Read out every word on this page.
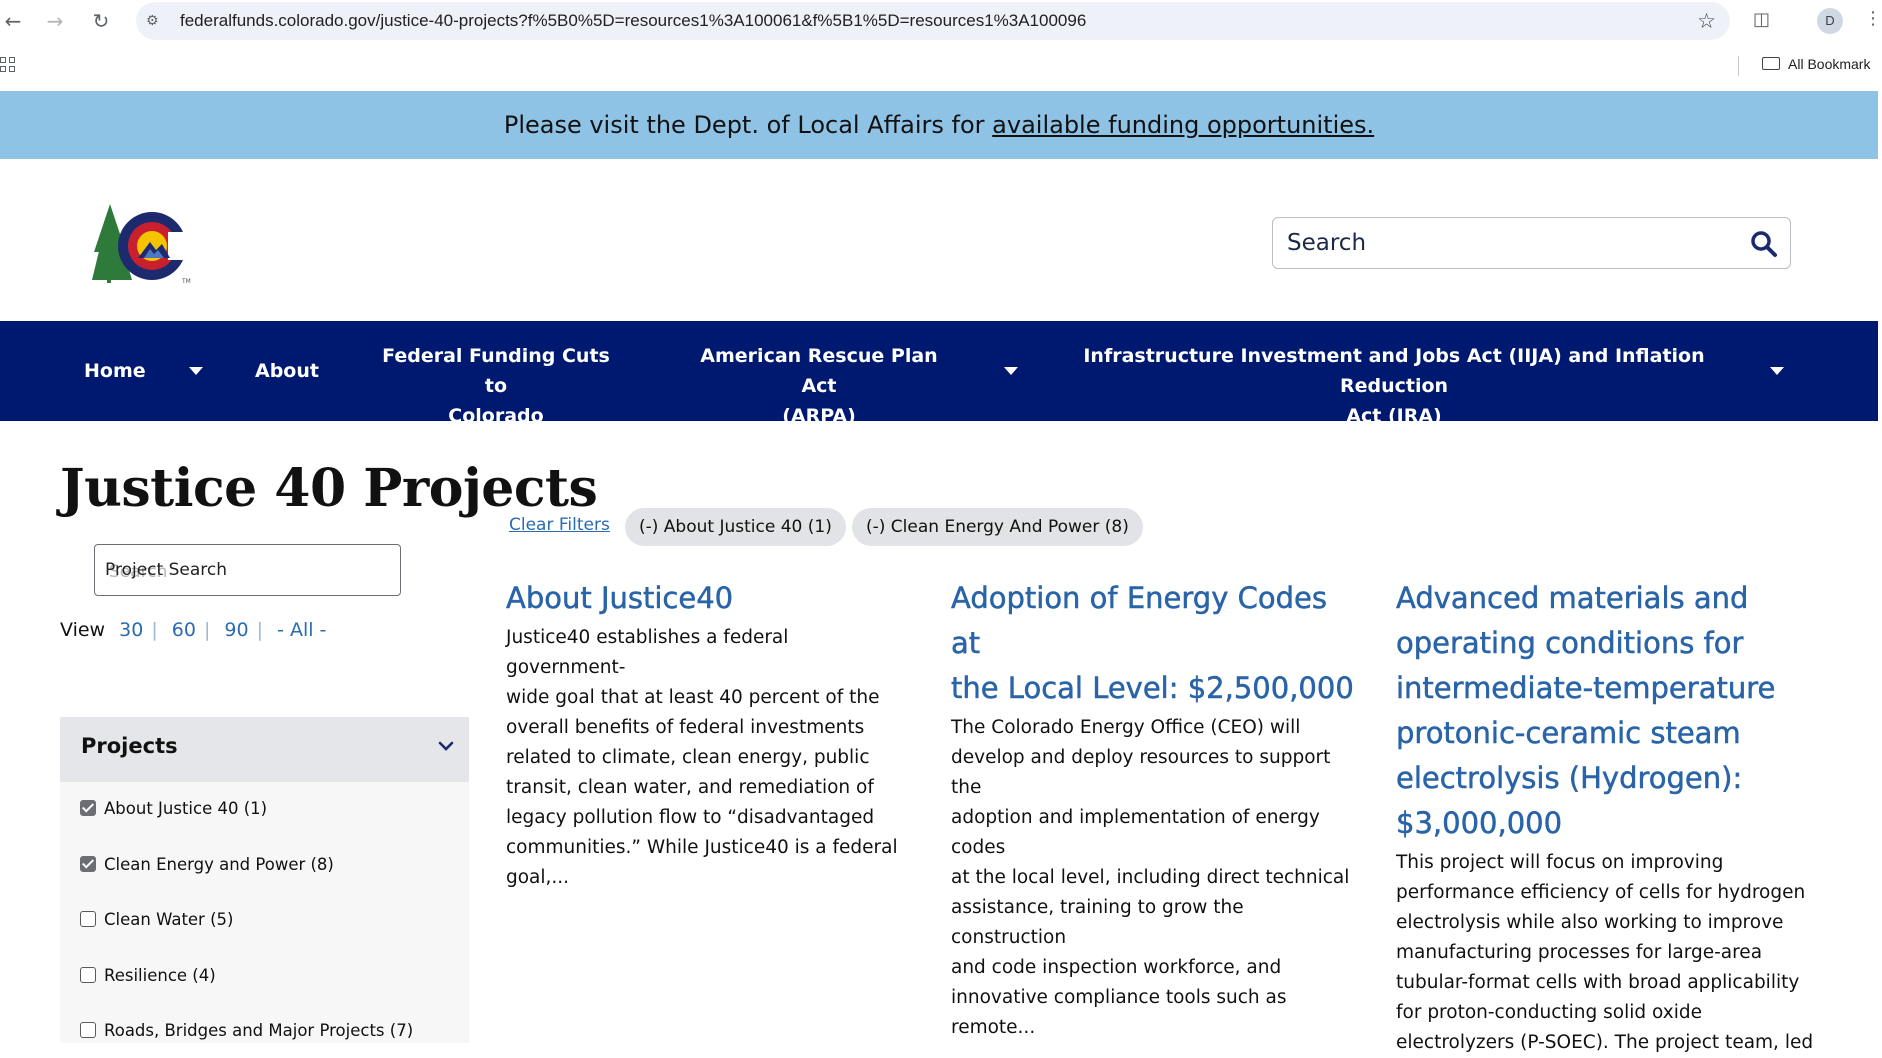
← → ↻	⚙	federalfunds.colorado.gov/justice-40-projects?f%5B0%5D=resources1%3A100061&f%5B1%5D=resources1%3A100096	☆ ◫	D	⋮
All Bookmark

Please visit the Dept. of Local Affairs for available funding opportunities.

TM
Search
Home	About
Federal Funding Cuts to
Colorado
American Rescue Plan Act
(ARPA)
Infrastructure Investment and Jobs Act (IIJA) and Inflation Reduction
Act (IRA)
Justice 40 Projects
Search
Project Search
View 30 | 60 | 90 | - All -
Projects
About Justice 40 (1)
Clean Energy and Power (8)
Clean Water (5)
Resilience (4)
Roads, Bridges and Major Projects (7)
Clear Filters	(-) About Justice 40 (1)	(-) Clean Energy And Power (8)
About Justice40

Justice40 establishes a federal government-
wide goal that at least 40 percent of the
overall benefits of federal investments
related to climate, clean energy, public
transit, clean water, and remediation of
legacy pollution flow to “disadvantaged
communities.” While Justice40 is a federal
goal,...

Adoption of Energy Codes at
the Local Level: $2,500,000

The Colorado Energy Office (CEO) will
develop and deploy resources to support the
adoption and implementation of energy codes
at the local level, including direct technical
assistance, training to grow the construction
and code inspection workforce, and
innovative compliance tools such as remote...

Advanced materials and
operating conditions for
intermediate-temperature
protonic-ceramic steam
electrolysis (Hydrogen):
$3,000,000

This project will focus on improving
performance efficiency of cells for hydrogen
electrolysis while also working to improve
manufacturing processes for large-area
tubular-format cells with broad applicability
for proton-conducting solid oxide
electrolyzers (P-SOEC). The project team, led
